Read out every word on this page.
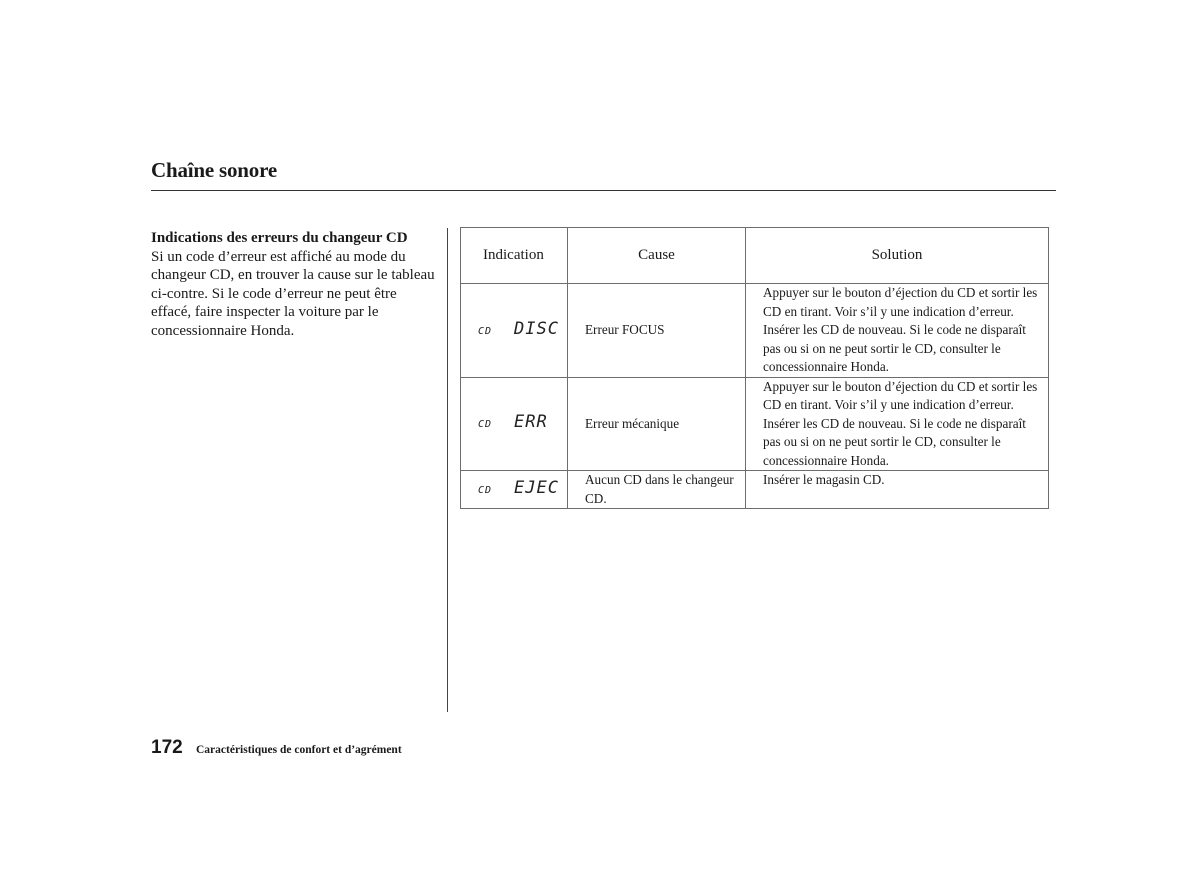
Chaîne sonore
Indications des erreurs du changeur CD
Si un code d’erreur est affiché au mode du changeur CD, en trouver la cause sur le tableau ci-contre. Si le code d’erreur ne peut être effacé, faire inspecter la voiture par le concessionnaire Honda.
Indication	Cause	Solution
CD DISC	Erreur FOCUS	Appuyer sur le bouton d’éjection du CD et sortir les CD en tirant. Voir s’il y une indication d’erreur. Insérer les CD de nouveau. Si le code ne disparaît pas ou si on ne peut sortir le CD, consulter le concessionnaire Honda.
CD ERR	Erreur mécanique	Appuyer sur le bouton d’éjection du CD et sortir les CD en tirant. Voir s’il y une indication d’erreur. Insérer les CD de nouveau. Si le code ne disparaît pas ou si on ne peut sortir le CD, consulter le concessionnaire Honda.
CD EJEC	Aucun CD dans le changeur CD.	Insérer le magasin CD.
172 Caractéristiques de confort et d’agrément
